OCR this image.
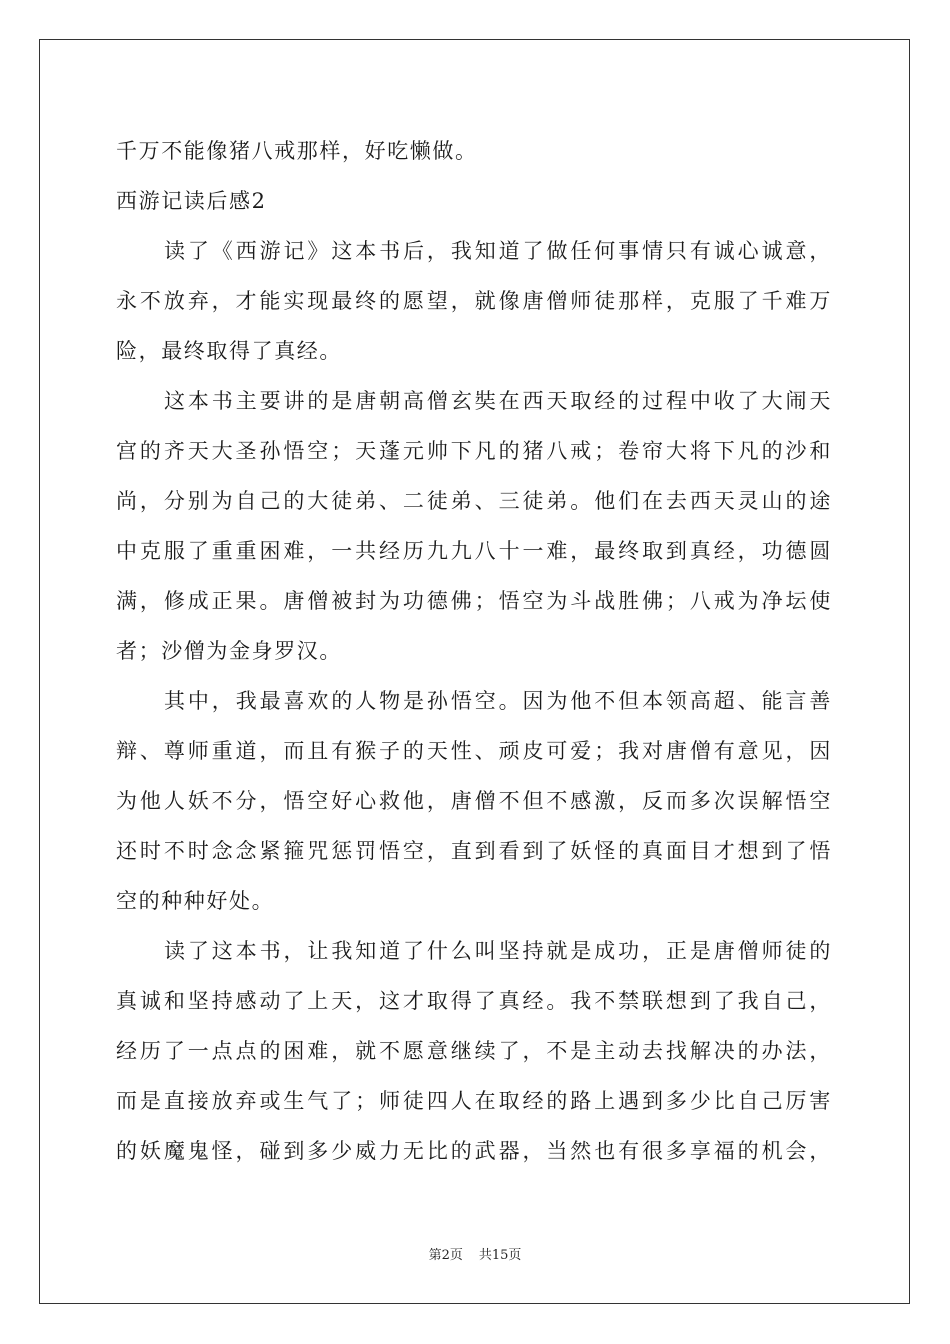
千万不能像猪八戒那样，好吃懒做。
西游记读后感2
读了《西游记》这本书后，我知道了做任何事情只有诚心诚意，
永不放弃，才能实现最终的愿望，就像唐僧师徒那样，克服了千难万
险，最终取得了真经。
这本书主要讲的是唐朝高僧玄奘在西天取经的过程中收了大闹天
宫的齐天大圣孙悟空；天蓬元帅下凡的猪八戒；卷帘大将下凡的沙和
尚，分别为自己的大徒弟、二徒弟、三徒弟。他们在去西天灵山的途
中克服了重重困难，一共经历九九八十一难，最终取到真经，功德圆
满，修成正果。唐僧被封为功德佛；悟空为斗战胜佛；八戒为净坛使
者；沙僧为金身罗汉。
其中，我最喜欢的人物是孙悟空。因为他不但本领高超、能言善
辩、尊师重道，而且有猴子的天性、顽皮可爱；我对唐僧有意见，因
为他人妖不分，悟空好心救他，唐僧不但不感激，反而多次误解悟空
还时不时念念紧箍咒惩罚悟空，直到看到了妖怪的真面目才想到了悟
空的种种好处。
读了这本书，让我知道了什么叫坚持就是成功，正是唐僧师徒的
真诚和坚持感动了上天，这才取得了真经。我不禁联想到了我自己，
经历了一点点的困难，就不愿意继续了，不是主动去找解决的办法，
而是直接放弃或生气了；师徒四人在取经的路上遇到多少比自己厉害
的妖魔鬼怪，碰到多少威力无比的武器，当然也有很多享福的机会，
第2页 共15页
